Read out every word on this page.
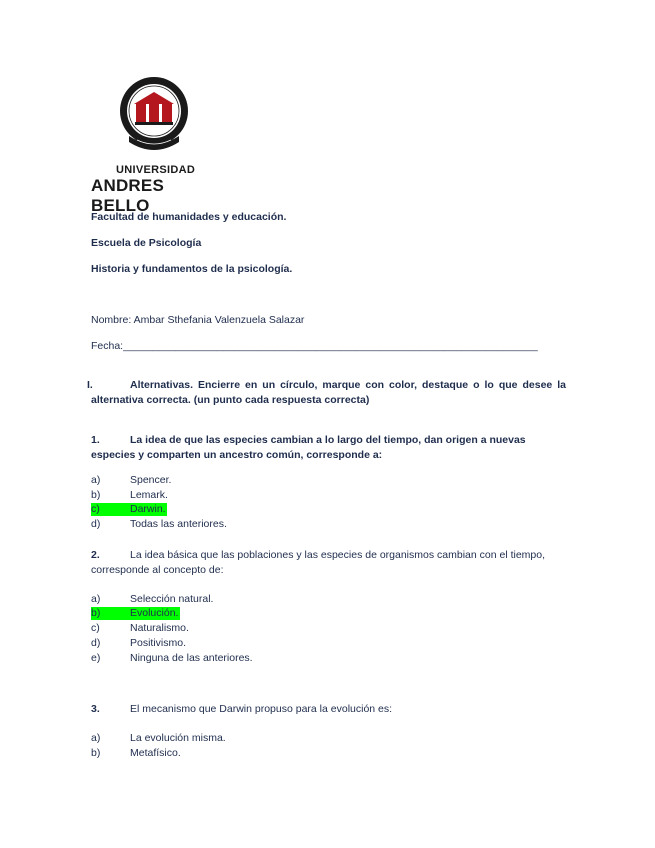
UNIVERSIDAD
ANDRES BELLO
Facultad de humanidades y educación.
Escuela de Psicología
Historia y fundamentos de la psicología.
Nombre: Ambar Sthefania Valenzuela Salazar
Fecha:_______________________________________________________________________
I.	Alternativas. Encierre en un círculo, marque con color, destaque o lo que desee la alternativa correcta. (un punto cada respuesta correcta)
1.	La idea de que las especies cambian a lo largo del tiempo, dan origen a nuevas especies y comparten un ancestro común, corresponde a:
a)	Spencer.
b)	Lemark.
c)	Darwin.
d)	Todas las anteriores.
2.	La idea básica que las poblaciones y las especies de organismos cambian con el tiempo, corresponde al concepto de:
a)	Selección natural.
b)	Evolución.
c)	Naturalismo.
d)	Positivismo.
e)	Ninguna de las anteriores.
3.	El mecanismo que Darwin propuso para la evolución es:
a)	La evolución misma.
b)	Metafísico.
